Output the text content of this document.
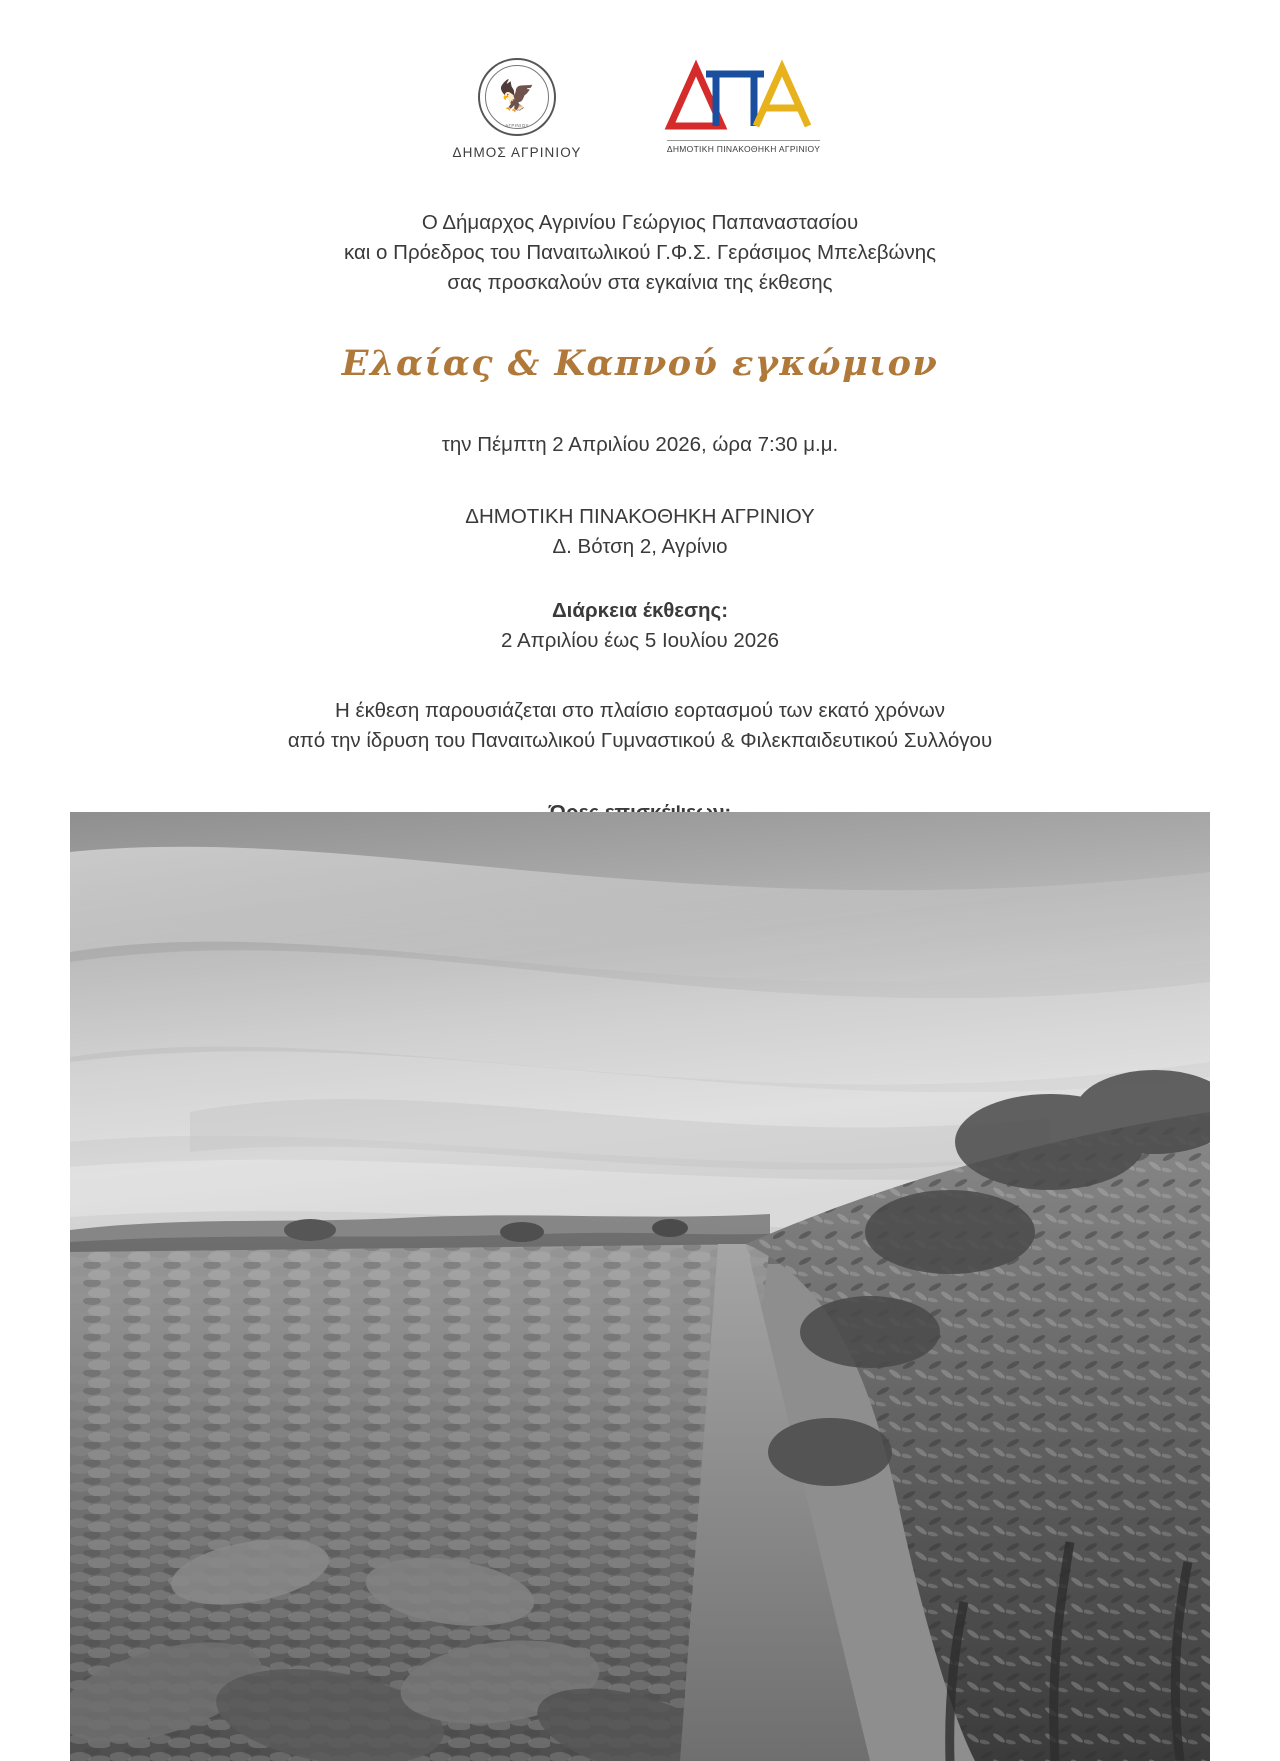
🦅
ΑΓΡΙΝΙΟΥ
ΔΗΜΟΣ ΑΓΡΙΝΙΟΥ	ΔΗΜΟΤΙΚΗ ΠΙΝΑΚΟΘΗΚΗ ΑΓΡΙΝΙΟΥ
Ο Δήμαρχος Αγρινίου Γεώργιος Παπαναστασίου
και ο Πρόεδρος του Παναιτωλικού Γ.Φ.Σ. Γεράσιμος Μπελεβώνης
σας προσκαλούν στα εγκαίνια της έκθεσης
Ελαίας & Καπνού εγκώμιον
την Πέμπτη 2 Απριλίου 2026, ώρα 7:30 μ.μ.
ΔΗΜΟΤΙΚΗ ΠΙΝΑΚΟΘΗΚΗ ΑΓΡΙΝΙΟΥ
Δ. Βότση 2, Αγρίνιο
Διάρκεια έκθεσης:
2 Απριλίου έως 5 Ιουλίου 2026
Η έκθεση παρουσιάζεται στο πλαίσιο εορτασμού των εκατό χρόνων
από την ίδρυση του Παναιτωλικού Γυμναστικού & Φιλεκπαιδευτικού Συλλόγου
